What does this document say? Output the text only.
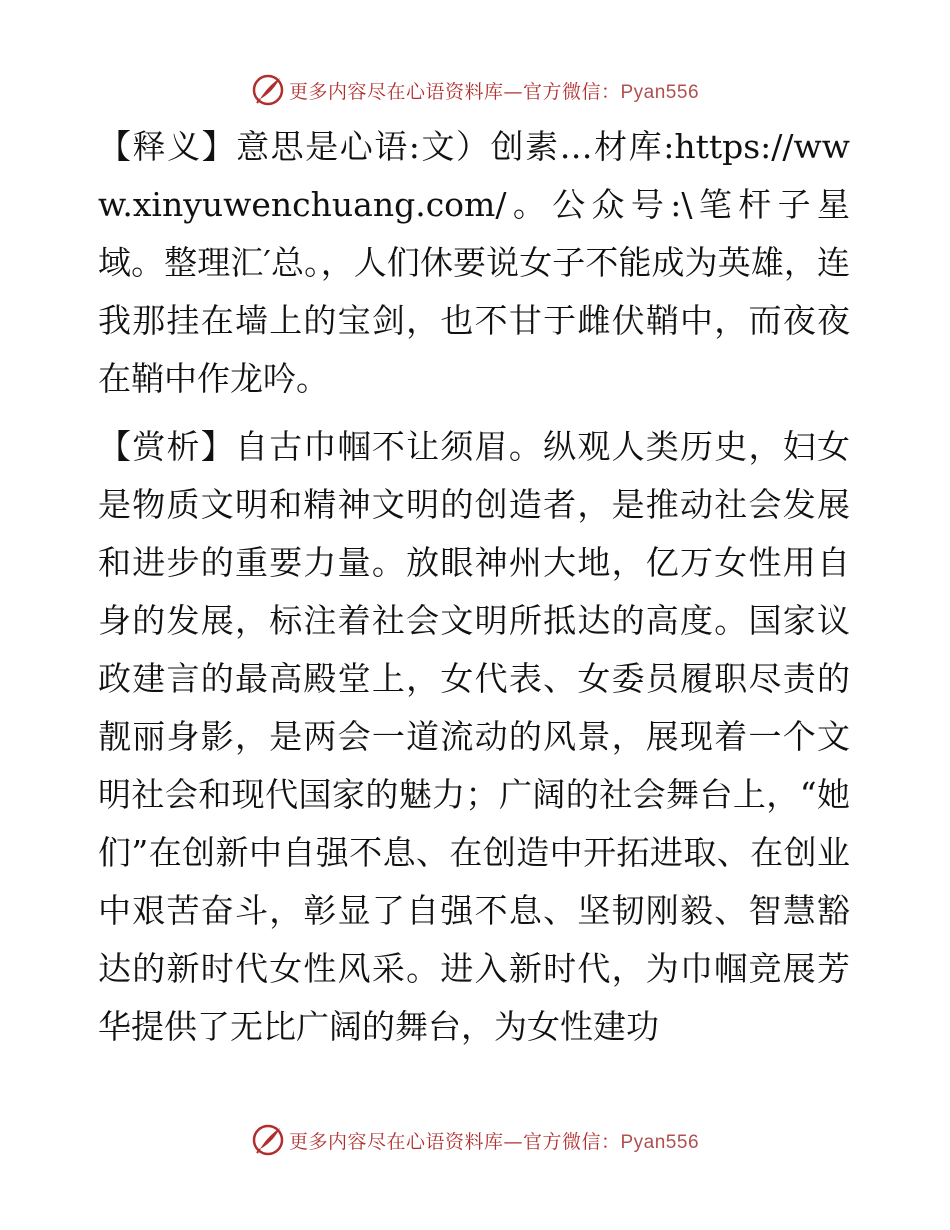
更多内容尽在心语资料库—官方微信：Pyan556

【释义】意思是心语:文）创素…材库:https://www.xinyuwenchuang.com/。公众号:\笔杆子星域。整理汇′总。，人们休要说女子不能成为英雄，连我那挂在墙上的宝剑，也不甘于雌伏鞘中，而夜夜在鞘中作龙吟。

【赏析】自古巾帼不让须眉。纵观人类历史，妇女是物质文明和精神文明的创造者，是推动社会发展和进步的重要力量。放眼神州大地，亿万女性用自身的发展，标注着社会文明所抵达的高度。国家议政建言的最高殿堂上，女代表、女委员履职尽责的靓丽身影，是两会一道流动的风景，展现着一个文明社会和现代国家的魅力；广阔的社会舞台上，“她们”在创新中自强不息、在创造中开拓进取、在创业中艰苦奋斗，彰显了自强不息、坚韧刚毅、智慧豁达的新时代女性风采。进入新时代，为巾帼竞展芳华提供了无比广阔的舞台，为女性建功

更多内容尽在心语资料库—官方微信：Pyan556
